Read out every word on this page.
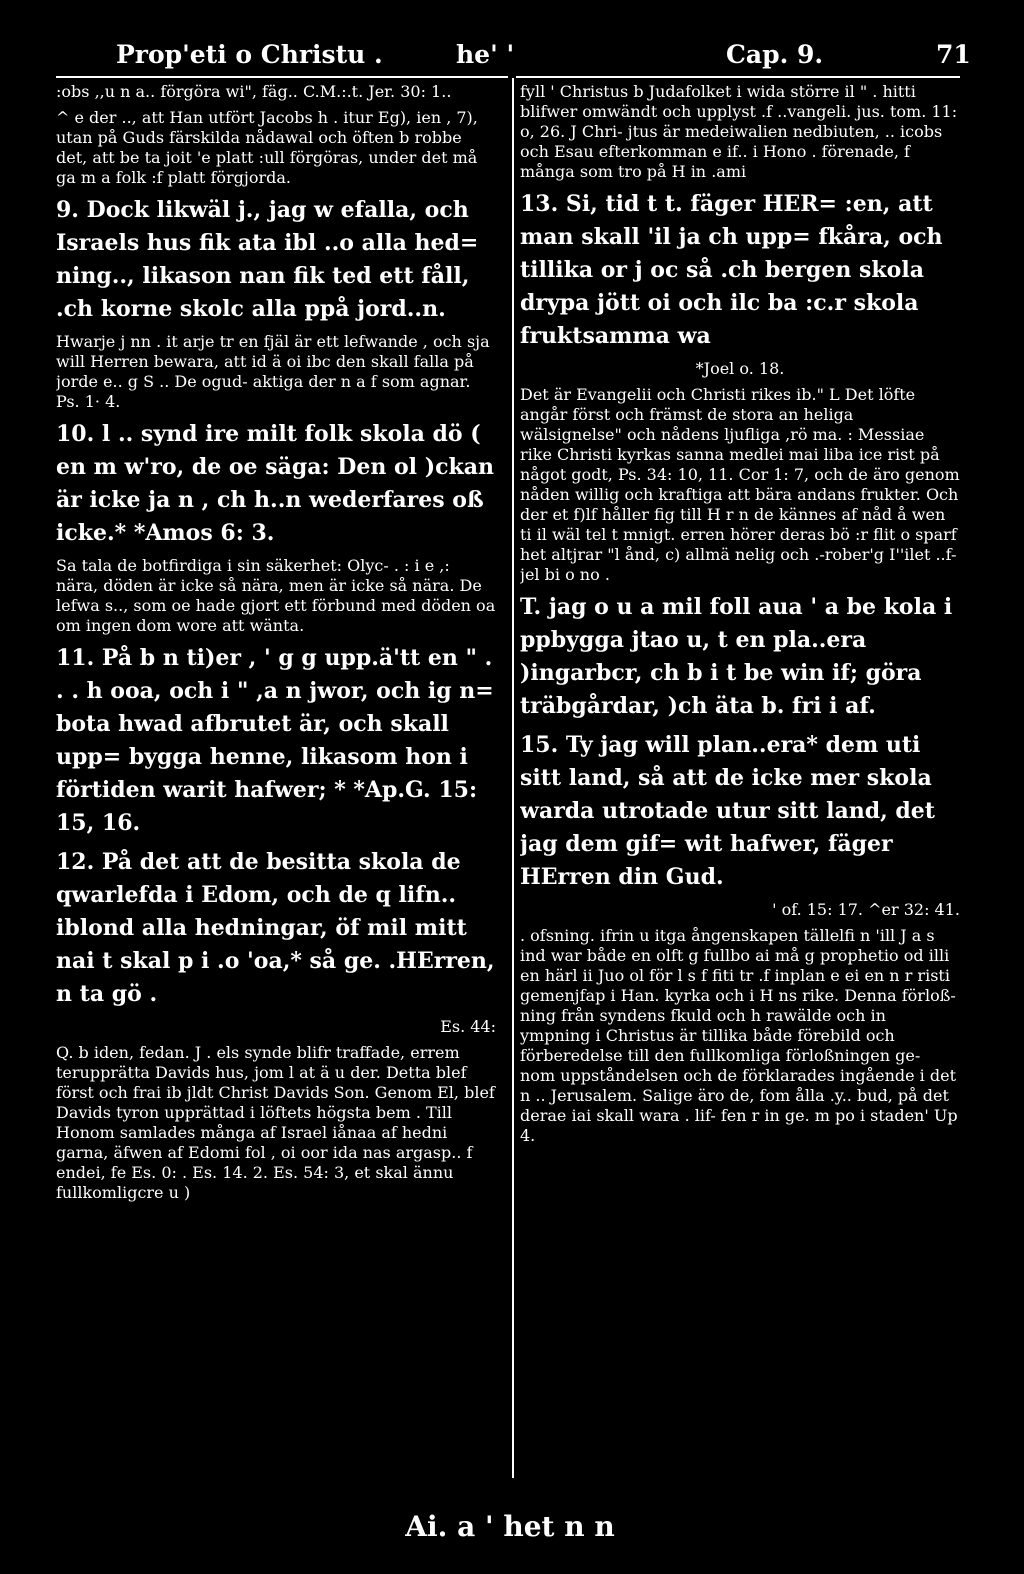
Prop'eti o Christu .	he' '	Cap. 9.	71

:obs ,,u n a.. förgöra wi", fäg.. C.M.:.t. Jer. 30: 1..

^ e der .., att Han utfört Jacobs h . itur Eg), ien , 7), utan på Guds färskilda nådawal och öften b robbe det, att be ta joit 'e platt :ull förgöras, under det må ga m a folk :f platt förgjorda.

9. Dock likwäl j., jag w efalla, och Israels hus fik ata ibl ..o alla hed= ning.., likason nan fik ted ett fåll, .ch korne skolc alla ppå jord..n.

Hwarje j nn . it arje tr en fjäl är ett lefwande , och sja will Herren bewara, att id ä oi ibc den skall falla på jorde e.. g S .. De ogud- aktiga der n a f som agnar. Ps. 1· 4.

10. l .. synd ire milt folk skola dö ( en m w'ro, de oe säga: Den ol )ckan är icke ja n , ch h..n wederfares oß icke.* *Amos 6: 3.

Sa tala de botfirdiga i sin säkerhet: Olyc- . : i e ,: nära, döden är icke så nära, men är icke så nära. De lefwa s.., som oe hade gjort ett förbund med döden oa om ingen dom wore att wänta.

11. På b n ti)er , ' g g upp.ä'tt en " . . . h ooa, och i " ,a n jwor, och ig n= bota hwad afbrutet är, och skall upp= bygga henne, likasom hon i förtiden warit hafwer; * *Ap.G. 15: 15, 16.

12. På det att de besitta skola de qwarlefda i Edom, och de q lifn.. iblond alla hedningar, öf mil mitt nai t skal p i .o 'oa,* så ge. .HErren, n ta gö .

Es. 44:

Q. b iden, fedan. J . els synde blifr traffade, errem terupprätta Davids hus, jom l at ä u der. Detta blef först och frai ib jldt Christ Davids Son. Genom El, blef Davids tyron upprättad i löftets högsta bem . Till Honom samlades många af Israel iånaa af hedni garna, äfwen af Edomi fol , oi oor ida nas argasp.. f endei, fe Es. 0: . Es. 14. 2. Es. 54: 3, et skal ännu fullkomligcre u )

fyll ' Christus b Judafolket i wida större il " . hitti blifwer omwändt och upplyst .f ..vangeli. jus. tom. 11: o, 26. J Chri- jtus är medeiwalien nedbiuten, .. icobs och Esau efterkomman e if.. i Hono . förenade, f många som tro på H in .ami

13. Si, tid t t. fäger HER= :en, att man skall 'il ja ch upp= fkåra, och tillika or j oc så .ch bergen skola drypa jött oi och ilc ba :c.r skola fruktsamma wa

*Joel o. 18.

Det är Evangelii och Christi rikes ib." L Det löfte angår först och främst de stora an heliga wälsignelse" och nådens ljufliga ,rö ma. : Messiae rike Christi kyrkas sanna medlei mai liba ice rist på något godt, Ps. 34: 10, 11. Cor 1: 7, och de äro genom nåden willig och kraftiga att bära andans frukter. Och der et f)lf håller fig till H r n de kännes af nåd å wen ti il wäl tel t mnigt. erren hörer deras bö :r flit o sparf het altjrar "l ånd, c) allmä nelig och .-rober'g I''ilet ..f- jel bi o no .

T. jag o u a mil foll aua ' a be kola i ppbygga jtao u, t en pla..era )ingarbcr, ch b i t be win if; göra träbgårdar, )ch äta b. fri i af.

15. Ty jag will plan..era* dem uti sitt land, så att de icke mer skola warda utrotade utur sitt land, det jag dem gif= wit hafwer, fäger HErren din Gud.

' of. 15: 17. ^er 32: 41.

. ofsning. ifrin u itga ångenskapen tällelfi n 'ill J a s ind war både en olft g fullbo ai må g prophetio od illi en härl ii Juo ol för l s f fiti tr .f inplan e ei en n r risti gemenjfap i Han. kyrka och i H ns rike. Denna förloß- ning från syndens fkuld och h rawälde och in ympning i Christus är tillika både förebild och förberedelse till den fullkomliga förloßningen ge- nom uppståndelsen och de förklarades ingående i det n .. Jerusalem. Salige äro de, fom ålla .y.. bud, på det derae iai skall wara . lif- fen r in ge. m po i staden' Up 4.

Ai. a ' het n n
